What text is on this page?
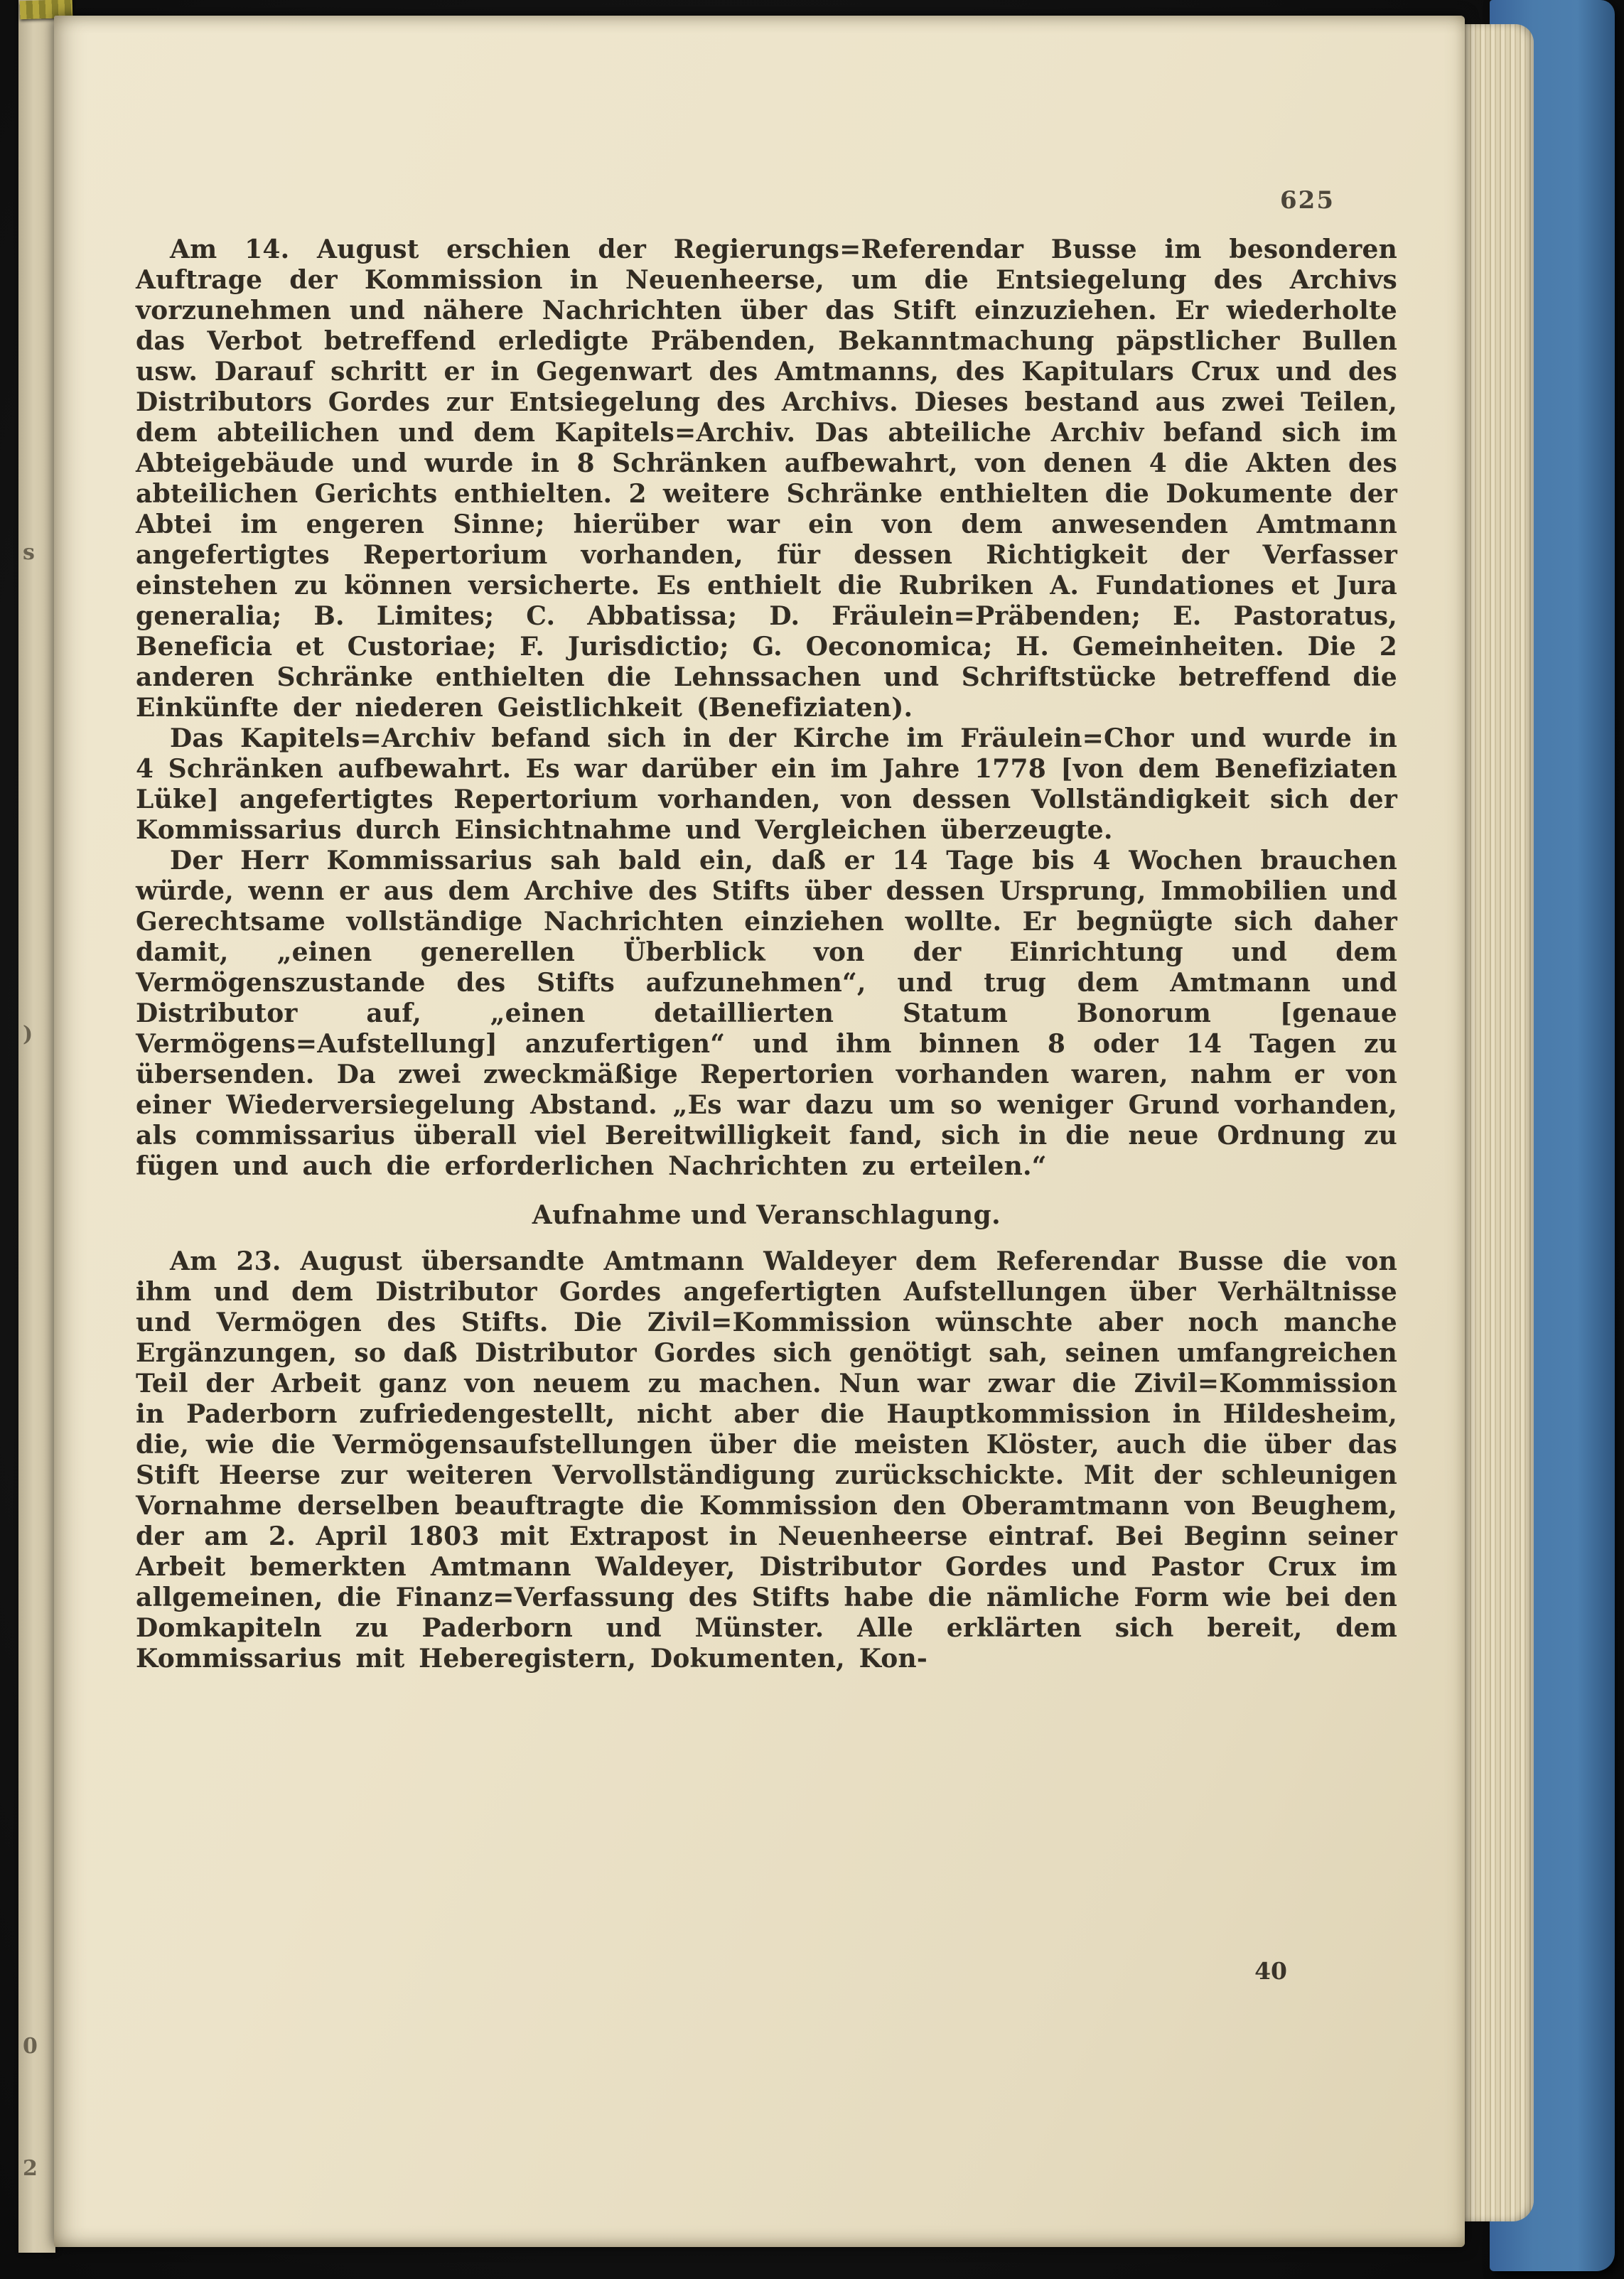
s
)
0
2
625

Am 14. August erschien der Regierungs=Referendar Busse im besonderen Auftrage der Kommission in Neuenheerse, um die Entsiegelung des Archivs vorzunehmen und nähere Nachrichten über das Stift einzuziehen. Er wiederholte das Verbot betreffend erledigte Präbenden, Bekanntmachung päpstlicher Bullen usw. Darauf schritt er in Gegenwart des Amtmanns, des Kapitulars Crux und des Distributors Gordes zur Entsiegelung des Archivs. Dieses bestand aus zwei Teilen, dem abteilichen und dem Kapitels=Archiv. Das abteiliche Archiv befand sich im Abteigebäude und wurde in 8 Schränken aufbewahrt, von denen 4 die Akten des abteilichen Gerichts enthielten. 2 weitere Schränke enthielten die Dokumente der Abtei im engeren Sinne; hierüber war ein von dem anwesenden Amtmann angefertigtes Repertorium vorhanden, für dessen Richtigkeit der Verfasser einstehen zu können versicherte. Es enthielt die Rubriken A. Fundationes et Jura generalia; B. Limites; C. Abbatissa; D. Fräulein=Präbenden; E. Pastoratus, Beneficia et Custoriae; F. Jurisdictio; G. Oeconomica; H. Gemeinheiten. Die 2 anderen Schränke enthielten die Lehnssachen und Schriftstücke betreffend die Einkünfte der niederen Geistlichkeit (Benefiziaten).

Das Kapitels=Archiv befand sich in der Kirche im Fräulein=Chor und wurde in 4 Schränken aufbewahrt. Es war darüber ein im Jahre 1778 [von dem Benefiziaten Lüke] angefertigtes Repertorium vorhanden, von dessen Vollständigkeit sich der Kommissarius durch Einsichtnahme und Vergleichen überzeugte.

Der Herr Kommissarius sah bald ein, daß er 14 Tage bis 4 Wochen brauchen würde, wenn er aus dem Archive des Stifts über dessen Ursprung, Immobilien und Gerechtsame vollständige Nachrichten einziehen wollte. Er begnügte sich daher damit, „einen generellen Überblick von der Einrichtung und dem Vermögenszustande des Stifts aufzunehmen“, und trug dem Amtmann und Distributor auf, „einen detaillierten Statum Bonorum [genaue Vermögens=Aufstellung] anzufertigen“ und ihm binnen 8 oder 14 Tagen zu übersenden. Da zwei zweckmäßige Repertorien vorhanden waren, nahm er von einer Wiederversiegelung Abstand. „Es war dazu um so weniger Grund vorhanden, als commissarius überall viel Bereitwilligkeit fand, sich in die neue Ordnung zu fügen und auch die erforderlichen Nachrichten zu erteilen.“

Aufnahme und Veranschlagung.

Am 23. August übersandte Amtmann Waldeyer dem Referendar Busse die von ihm und dem Distributor Gordes angefertigten Aufstellungen über Verhältnisse und Vermögen des Stifts. Die Zivil=Kommission wünschte aber noch manche Ergänzungen, so daß Distributor Gordes sich genötigt sah, seinen umfangreichen Teil der Arbeit ganz von neuem zu machen. Nun war zwar die Zivil=Kommission in Paderborn zufriedengestellt, nicht aber die Hauptkommission in Hildesheim, die, wie die Vermögensaufstellungen über die meisten Klöster, auch die über das Stift Heerse zur weiteren Vervollständigung zurückschickte. Mit der schleunigen Vornahme derselben beauftragte die Kommission den Oberamtmann von Beughem, der am 2. April 1803 mit Extrapost in Neuenheerse eintraf. Bei Beginn seiner Arbeit bemerkten Amtmann Waldeyer, Distributor Gordes und Pastor Crux im allgemeinen, die Finanz=Verfassung des Stifts habe die nämliche Form wie bei den Domkapiteln zu Paderborn und Münster. Alle erklärten sich bereit, dem Kommissarius mit Heberegistern, Dokumenten, Kon-

40
